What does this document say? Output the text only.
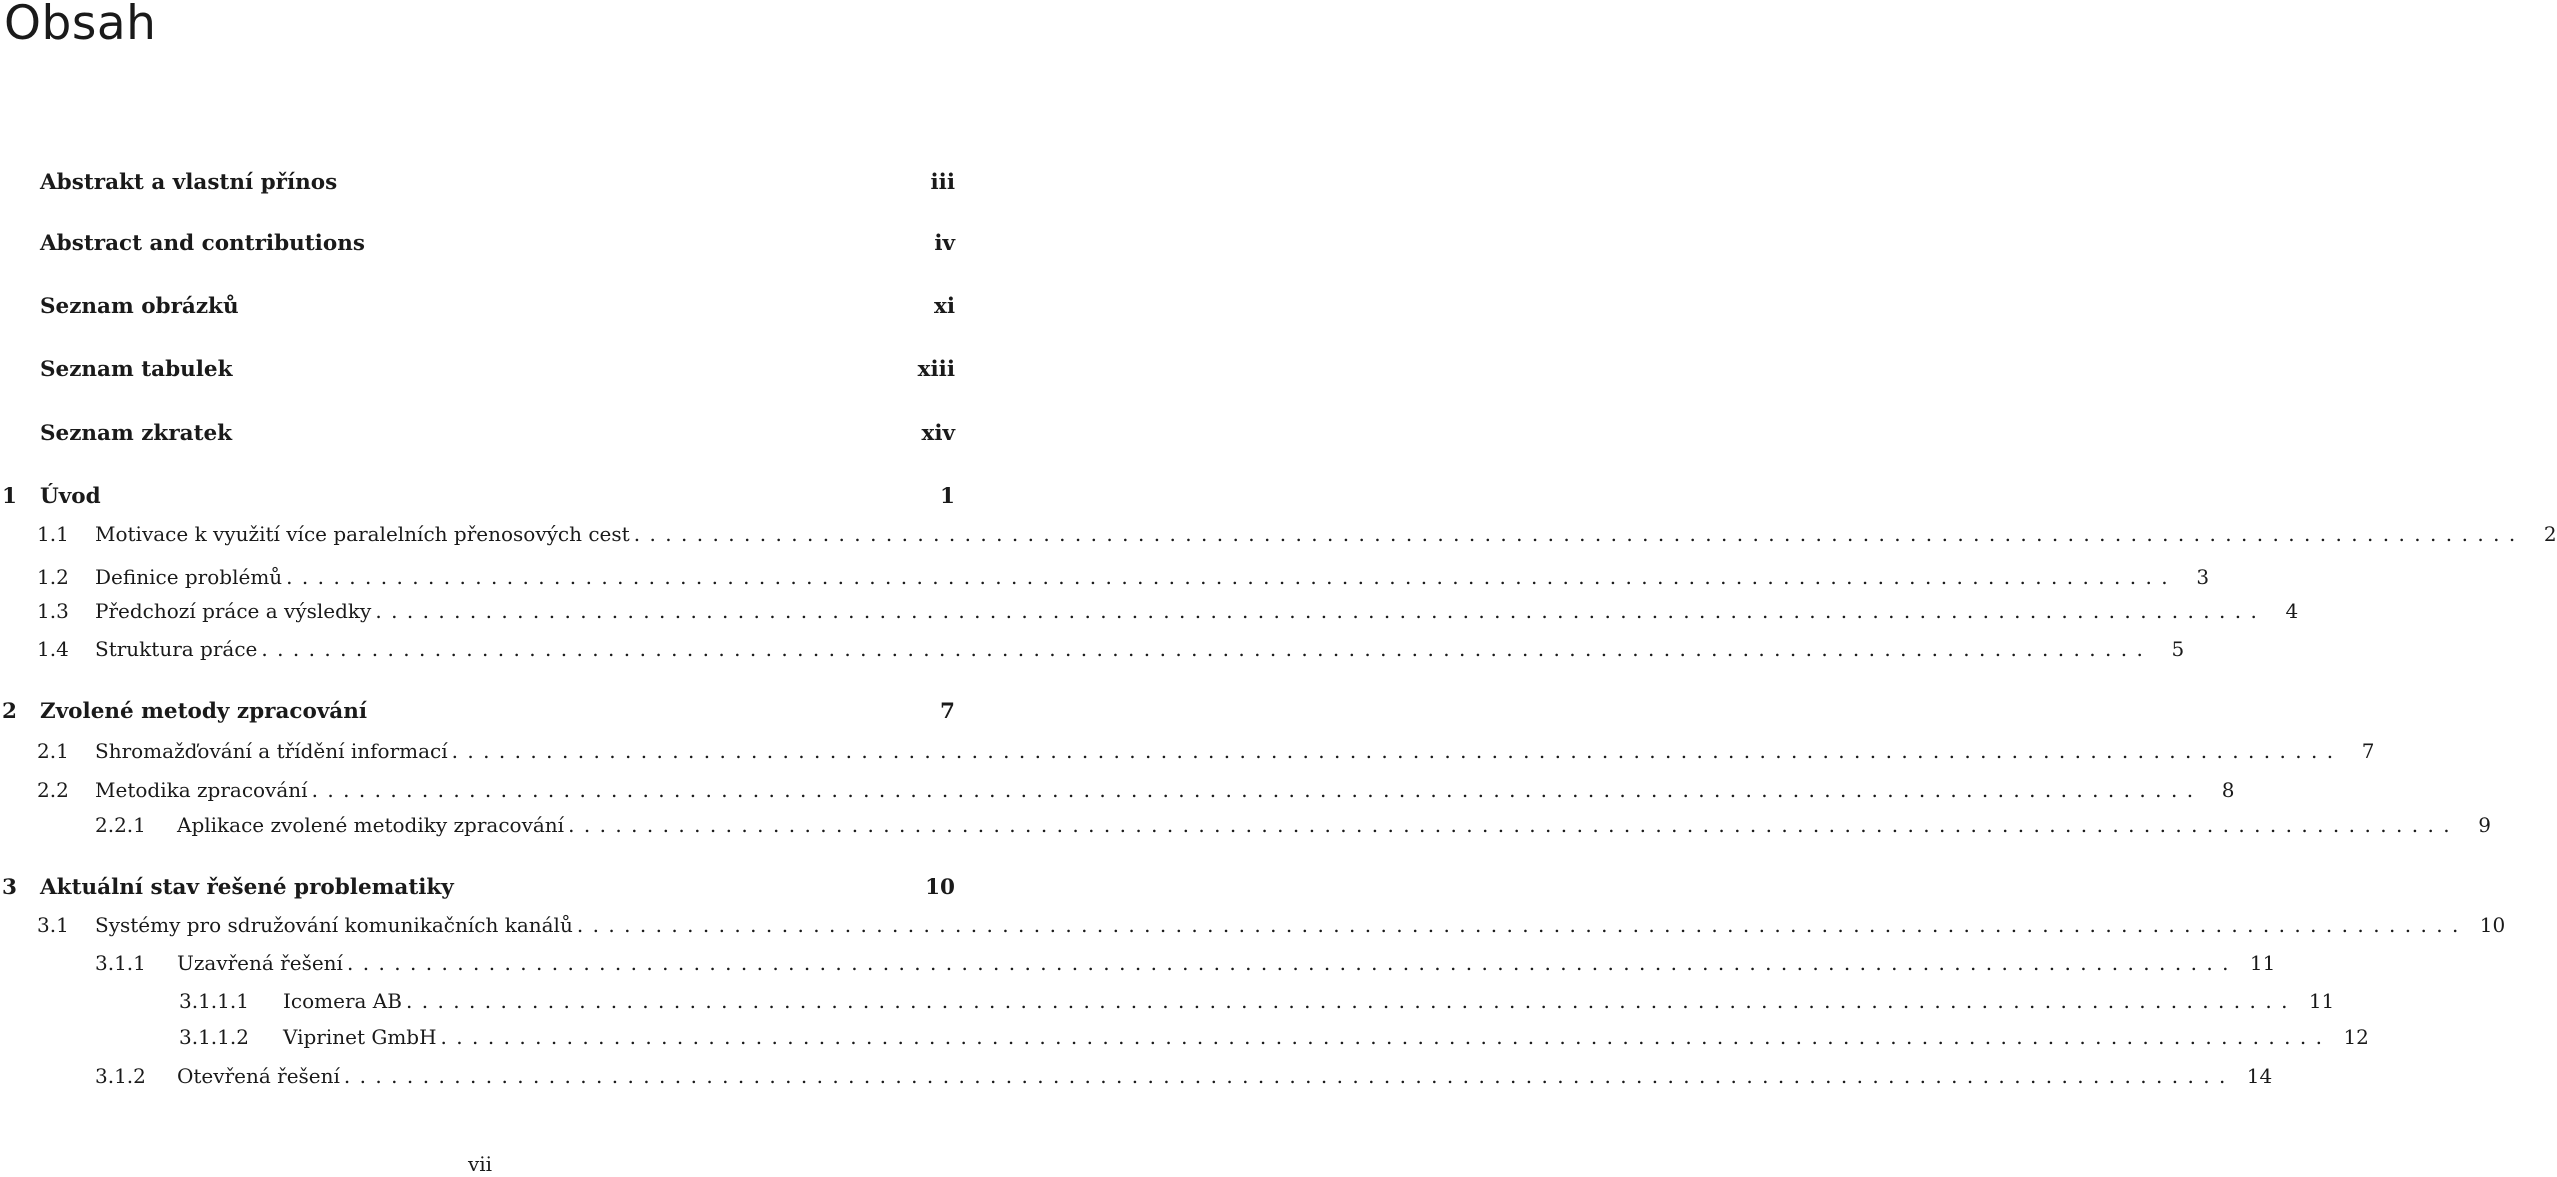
Obsah
Abstrakt a vlastní přínos	iii
Abstract and contributions	iv
Seznam obrázků	xi
Seznam tabulek	xiii
Seznam zkratek	xiv
1 Úvod	1
1.1	Motivace k využití více paralelních přenosových cest ........................................................................................................................ 2
1.2	Definice problémů ........................................................................................................................ 3
1.3	Předchozí práce a výsledky ........................................................................................................................ 4
1.4	Struktura práce ........................................................................................................................ 5
2 Zvolené metody zpracování	7
2.1	Shromažďování a třídění informací ........................................................................................................................ 7
2.2	Metodika zpracování ........................................................................................................................ 8
2.2.1	Aplikace zvolené metodiky zpracování ........................................................................................................................ 9
3 Aktuální stav řešené problematiky	10
3.1	Systémy pro sdružování komunikačních kanálů ........................................................................................................................ 10
3.1.1	Uzavřená řešení ........................................................................................................................ 11
3.1.1.1	Icomera AB ........................................................................................................................ 11
3.1.1.2	Viprinet GmbH ........................................................................................................................ 12
3.1.2	Otevřená řešení ........................................................................................................................ 14
vii
